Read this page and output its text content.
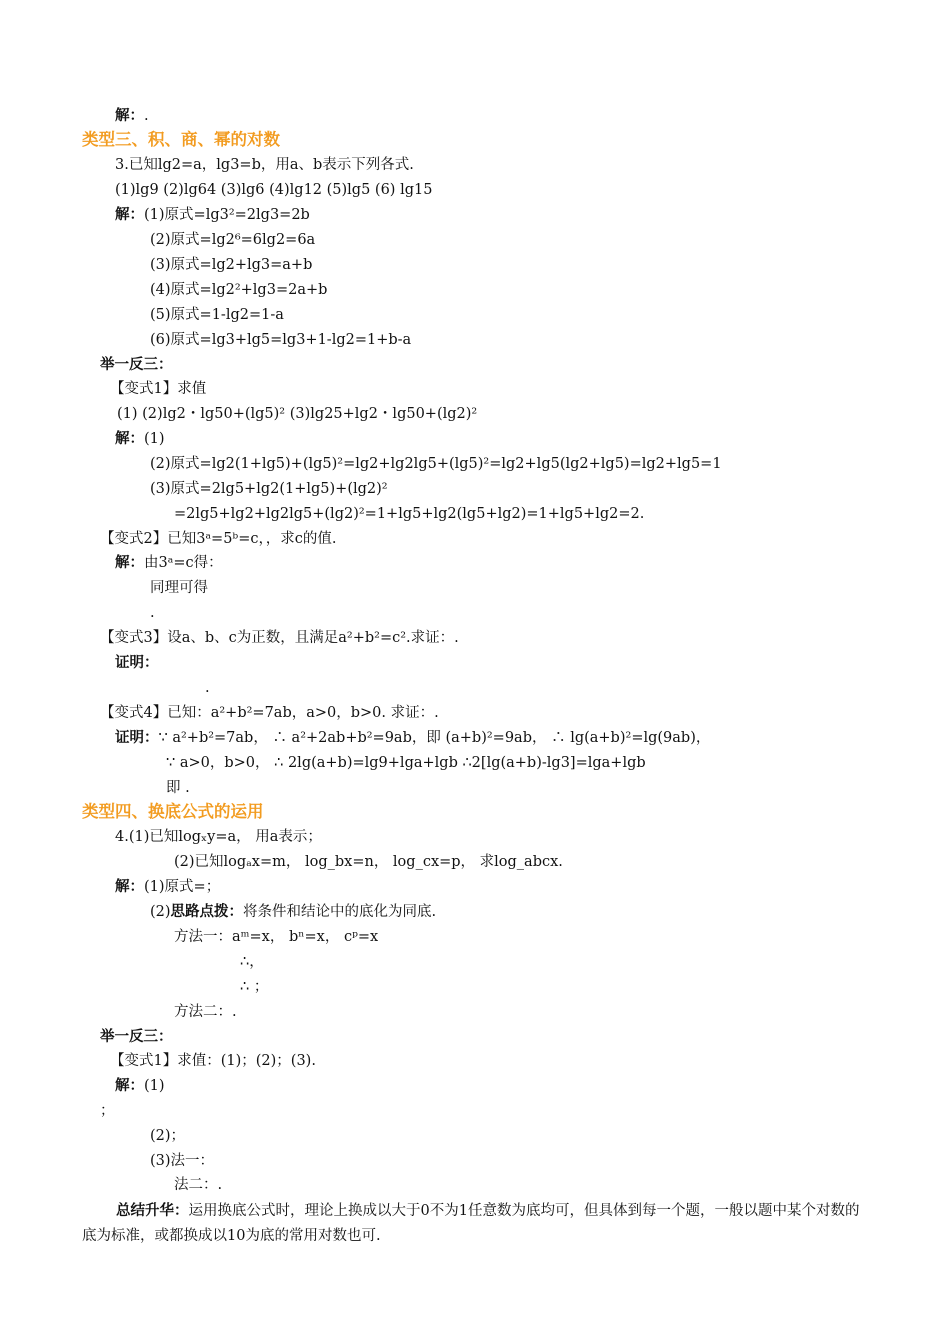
解：.
类型三、积、商、幂的对数
3.已知lg2=a，lg3=b，用a、b表示下列各式.
(1)lg9 (2)lg64 (3)lg6 (4)lg12 (5)lg5 (6) lg15
解：(1)原式=lg3²=2lg3=2b
(2)原式=lg2⁶=6lg2=6a
(3)原式=lg2+lg3=a+b
(4)原式=lg2²+lg3=2a+b
(5)原式=1-lg2=1-a
(6)原式=lg3+lg5=lg3+1-lg2=1+b-a
举一反三：
【变式1】求值
(1) (2)lg2・lg50+(lg5)² (3)lg25+lg2・lg50+(lg2)²
解：(1)
(2)原式=lg2(1+lg5)+(lg5)²=lg2+lg2lg5+(lg5)²=lg2+lg5(lg2+lg5)=lg2+lg5=1
(3)原式=2lg5+lg2(1+lg5)+(lg2)²
=2lg5+lg2+lg2lg5+(lg2)²=1+lg5+lg2(lg5+lg2)=1+lg5+lg2=2.
【变式2】已知3ᵃ=5ᵇ=c，，求c的值.
解：由3ᵃ=c得：
同理可得
.
【变式3】设a、b、c为正数，且满足a²+b²=c².求证：.
证明：
.
【变式4】已知：a²+b²=7ab，a>0，b>0. 求证：.
证明：∵ a²+b²=7ab， ∴ a²+2ab+b²=9ab，即 (a+b)²=9ab， ∴ lg(a+b)²=lg(9ab)，
∵ a>0，b>0， ∴ 2lg(a+b)=lg9+lga+lgb ∴2[lg(a+b)-lg3]=lga+lgb
即 .
类型四、换底公式的运用
4.(1)已知logₓy=a， 用a表示；
(2)已知logₐx=m， log_bx=n， log_cx=p， 求log_abcx.
解：(1)原式=；
(2)思路点拨：将条件和结论中的底化为同底.
方法一：aᵐ=x， bⁿ=x， cᵖ=x
∴，
∴ ；
方法二：.
举一反三：
【变式1】求值：(1)；(2)；(3).
解：(1)
；
(2)；
(3)法一：
法二：.
总结升华：运用换底公式时，理论上换成以大于0不为1任意数为底均可，但具体到每一个题，一般以题中某个对数的底为标准，或都换成以10为底的常用对数也可.
